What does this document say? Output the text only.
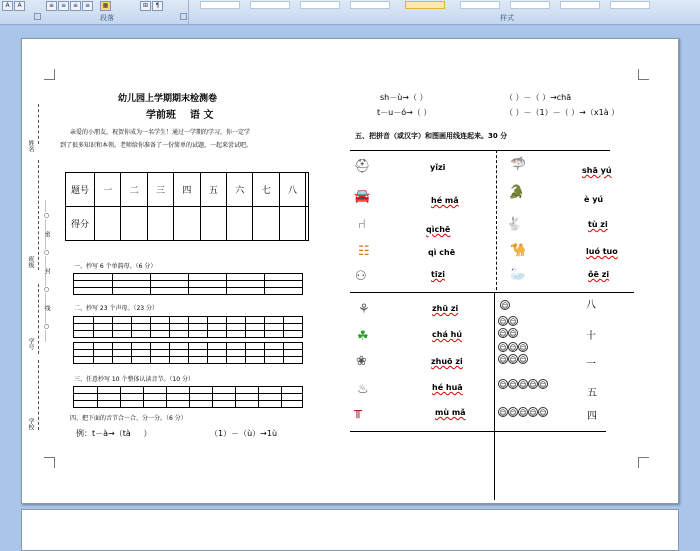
A	A	≡	≡	≡	≡	▦	⊞	¶
段落	样式
姓名
班级
学号
学校
……○……密……○……封……○……线……○……
幼儿园上学期期末检测卷
学前班    语 文
亲爱的小朋友，祝贺你成为一名学生！通过一学期的学习，你一定学
到了很多知识和本领。老师给你准备了一份简单的试题，一起来尝试吧。
题号	一	二	三	四	五	六	七	八	
得分									
一、抄写 6 个单韵母。（6 分）
二、抄写 23 个声母。（23 分）
三、任意抄写 10 个整体认读音节。（10 分）
四、把下面的音节合一合、分一分。（6 分）
例：t－à→（tà     ）	（1）－（ù）→1ù
sh－ù→（ ）	（ ）－（ ）→chā
t－u－ó→（ ）	（ ）－（1）－（ ）→（x1à ）
五、把拼音（或汉字）和图画用线连起来。30 分
⛑
🚘
⑁
☷
⚇
yǐzi
hé mǎ
qìchē
qì chē
tīzi
🦈
🐊
🐇
🐪
🦢
shā yú
è yú
tù zi
luó tuo
ǒē zi
⚘
☘
❀
♨
╥
zhū zi
chá hú
zhuō zi
hé huā
mù mǎ
☺
☺ ☺☺ ☺
☺ ☺ ☺☺ ☺ ☺
☺ ☺ ☺ ☺ ☺
☺ ☺ ☺ ☺ ☺
八
十
一
五
四
